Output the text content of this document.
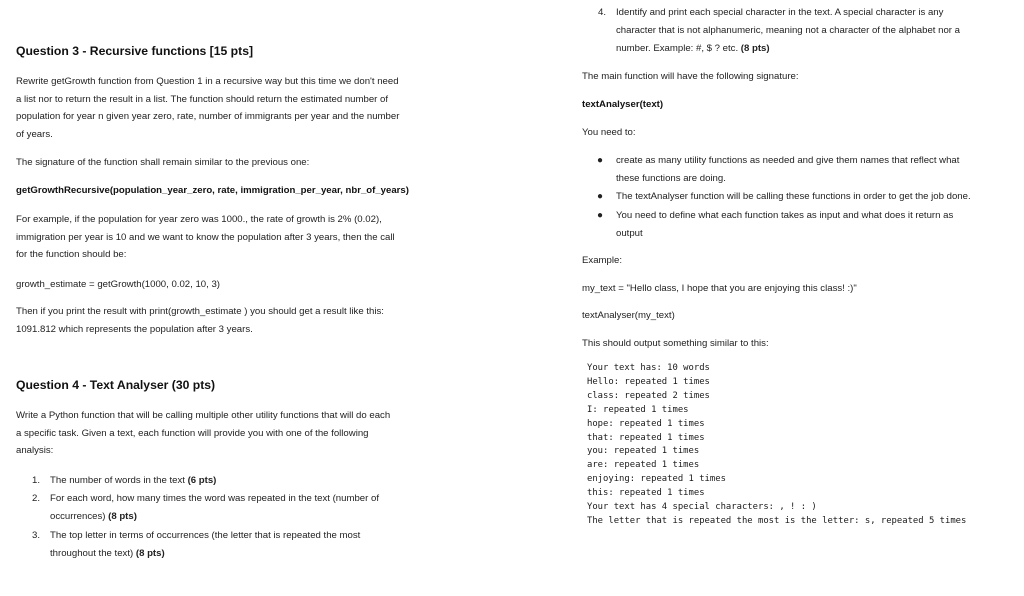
Question 3 - Recursive functions [15 pts]
Rewrite getGrowth function from Question 1 in a recursive way but this time we don't need
a list nor to return the result in a list. The function should return the estimated number of
population for year n given year zero, rate, number of immigrants per year and the number
of years.
The signature of the function shall remain similar to the previous one:
getGrowthRecursive(population_year_zero, rate, immigration_per_year, nbr_of_years)
For example, if the population for year zero was 1000., the rate of growth is 2% (0.02),
immigration per year is 10 and we want to know the population after 3 years, then the call
for the function should be:
growth_estimate = getGrowth(1000, 0.02, 10, 3)
Then if you print the result with print(growth_estimate ) you should get a result like this:
1091.812 which represents the population after 3 years.
Question 4 - Text Analyser (30 pts)
Write a Python function that will be calling multiple other utility functions that will do each
a specific task. Given a text, each function will provide you with one of the following
analysis:
1. The number of words in the text (6 pts)
2. For each word, how many times the word was repeated in the text (number of
occurrences) (8 pts)
3. The top letter in terms of occurrences (the letter that is repeated the most
throughout the text) (8 pts)
4. Identify and print each special character in the text. A special character is any
character that is not alphanumeric, meaning not a character of the alphabet nor a
number. Example: #, $ ? etc. (8 pts)
The main function will have the following signature:
textAnalyser(text)
You need to:
● create as many utility functions as needed and give them names that reflect what
these functions are doing.
● The textAnalyser function will be calling these functions in order to get the job done.
● You need to define what each function takes as input and what does it return as
output
Example:
my_text = "Hello class, I hope that you are enjoying this class! :)"
textAnalyser(my_text)
This should output something similar to this:
Your text has: 10 words
Hello: repeated 1 times
class: repeated 2 times
I: repeated 1 times
hope: repeated 1 times
that: repeated 1 times
you: repeated 1 times
are: repeated 1 times
enjoying: repeated 1 times
this: repeated 1 times
Your text has 4 special characters: , ! : )
The letter that is repeated the most is the letter: s, repeated 5 times
